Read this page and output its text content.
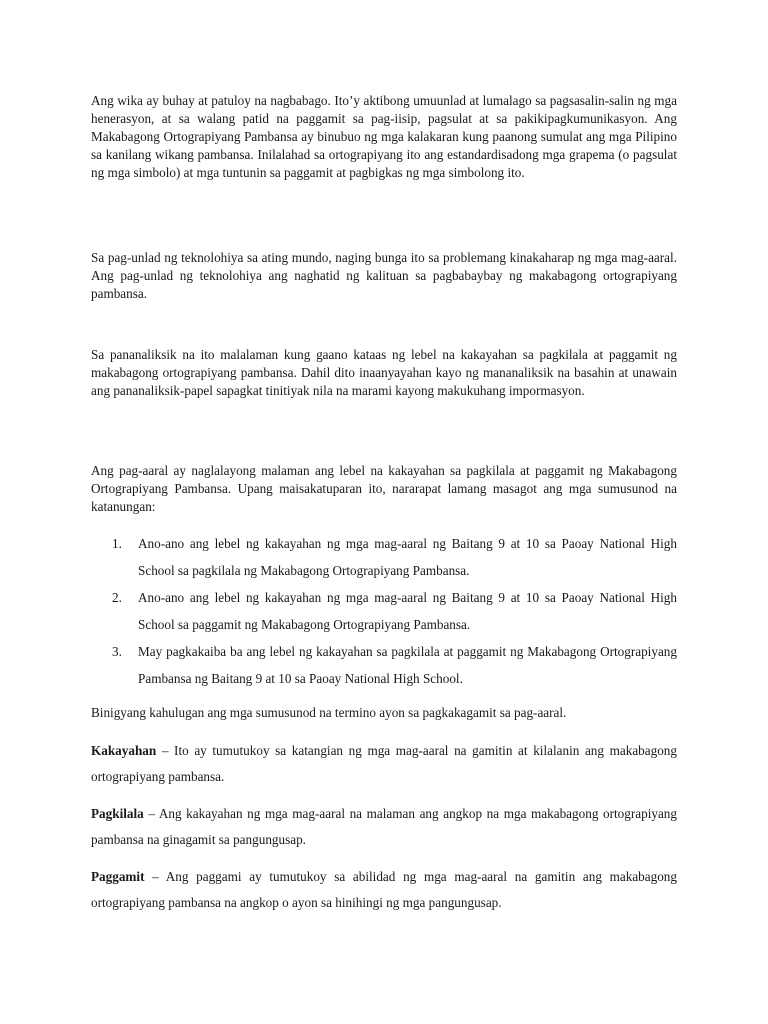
Ang wika ay buhay at patuloy na nagbabago. Ito’y aktibong umuunlad at lumalago sa pagsasalin-salin ng mga henerasyon, at sa walang patid na paggamit sa pag-iisip, pagsulat at sa pakikipagkumunikasyon. Ang Makabagong Ortograpiyang Pambansa ay binubuo ng mga kalakaran kung paanong sumulat ang mga Pilipino sa kanilang wikang pambansa. Inilalahad sa ortograpiyang ito ang estandardisadong mga grapema (o pagsulat ng mga simbolo) at mga tuntunin sa paggamit at pagbigkas ng mga simbolong ito.

Sa pag-unlad ng teknolohiya sa ating mundo, naging bunga ito sa problemang kinakaharap ng mga mag-aaral. Ang pag-unlad ng teknolohiya ang naghatid ng kalituan sa pagbabaybay ng makabagong ortograpiyang pambansa.

Sa pananaliksik na ito malalaman kung gaano kataas ng lebel na kakayahan sa pagkilala at paggamit ng makabagong ortograpiyang pambansa. Dahil dito inaanyayahan kayo ng mananaliksik na basahin at unawain ang pananaliksik-papel sapagkat tinitiyak nila na marami kayong makukuhang impormasyon.

Ang pag-aaral ay naglalayong malaman ang lebel na kakayahan sa pagkilala at paggamit ng Makabagong Ortograpiyang Pambansa. Upang maisakatuparan ito, nararapat lamang masagot ang mga sumusunod na katanungan:

1. Ano-ano ang lebel ng kakayahan ng mga mag-aaral ng Baitang 9 at 10 sa Paoay National High School sa pagkilala ng Makabagong Ortograpiyang Pambansa.
2. Ano-ano ang lebel ng kakayahan ng mga mag-aaral ng Baitang 9 at 10 sa Paoay National High School sa paggamit ng Makabagong Ortograpiyang Pambansa.
3. May pagkakaiba ba ang lebel ng kakayahan sa pagkilala at paggamit ng Makabagong Ortograpiyang Pambansa ng Baitang 9 at 10 sa Paoay National High School.

Binigyang kahulugan ang mga sumusunod na termino ayon sa pagkakagamit sa pag-aaral.

Kakayahan – Ito ay tumutukoy sa katangian ng mga mag-aaral na gamitin at kilalanin ang makabagong ortograpiyang pambansa.

Pagkilala – Ang kakayahan ng mga mag-aaral na malaman ang angkop na mga makabagong ortograpiyang pambansa na ginagamit sa pangungusap.

Paggamit – Ang paggami ay tumutukoy sa abilidad ng mga mag-aaral na gamitin ang makabagong ortograpiyang pambansa na angkop o ayon sa hinihingi ng mga pangungusap.
